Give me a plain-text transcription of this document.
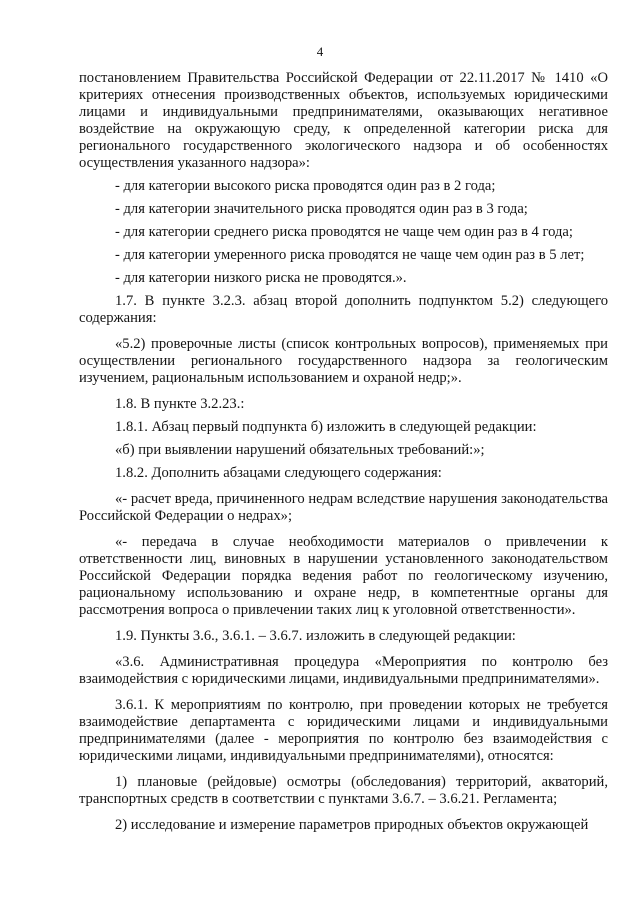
4

постановлением Правительства Российской Федерации от 22.11.2017 № 1410 «О критериях отнесения производственных объектов, используемых юридическими лицами и индивидуальными предпринимателями, оказывающих негативное воздействие на окружающую среду, к определенной категории риска для регионального государственного экологического надзора и об особенностях осуществления указанного надзора»:

- для категории высокого риска проводятся один раз в 2 года;

- для категории значительного риска проводятся один раз в 3 года;

- для категории среднего риска проводятся не чаще чем один раз в 4 года;

- для категории умеренного риска проводятся не чаще чем один раз в 5 лет;

- для категории низкого риска не проводятся.».

1.7. В пункте 3.2.3. абзац второй дополнить подпунктом 5.2) следующего содержания:

«5.2) проверочные листы (список контрольных вопросов), применяемых при осуществлении регионального государственного надзора за геологическим изучением, рациональным использованием и охраной недр;».

1.8. В пункте 3.2.23.:

1.8.1. Абзац первый подпункта б) изложить в следующей редакции:

«б) при выявлении нарушений обязательных требований:»;

1.8.2. Дополнить абзацами следующего содержания:

«- расчет вреда, причиненного недрам вследствие нарушения законодательства Российской Федерации о недрах»;

«- передача в случае необходимости материалов о привлечении к ответственности лиц, виновных в нарушении установленного законодательством Российской Федерации порядка ведения работ по геологическому изучению, рациональному использованию и охране недр, в компетентные органы для рассмотрения вопроса о привлечении таких лиц к уголовной ответственности».

1.9. Пункты 3.6., 3.6.1. – 3.6.7. изложить в следующей редакции:

«3.6. Административная процедура «Мероприятия по контролю без взаимодействия с юридическими лицами, индивидуальными предпринимателями».

3.6.1. К мероприятиям по контролю, при проведении которых не требуется взаимодействие департамента с юридическими лицами и индивидуальными предпринимателями (далее - мероприятия по контролю без взаимодействия с юридическими лицами, индивидуальными предпринимателями), относятся:

1) плановые (рейдовые) осмотры (обследования) территорий, акваторий, транспортных средств в соответствии с пунктами 3.6.7. – 3.6.21. Регламента;

2) исследование и измерение параметров природных объектов окружающей
